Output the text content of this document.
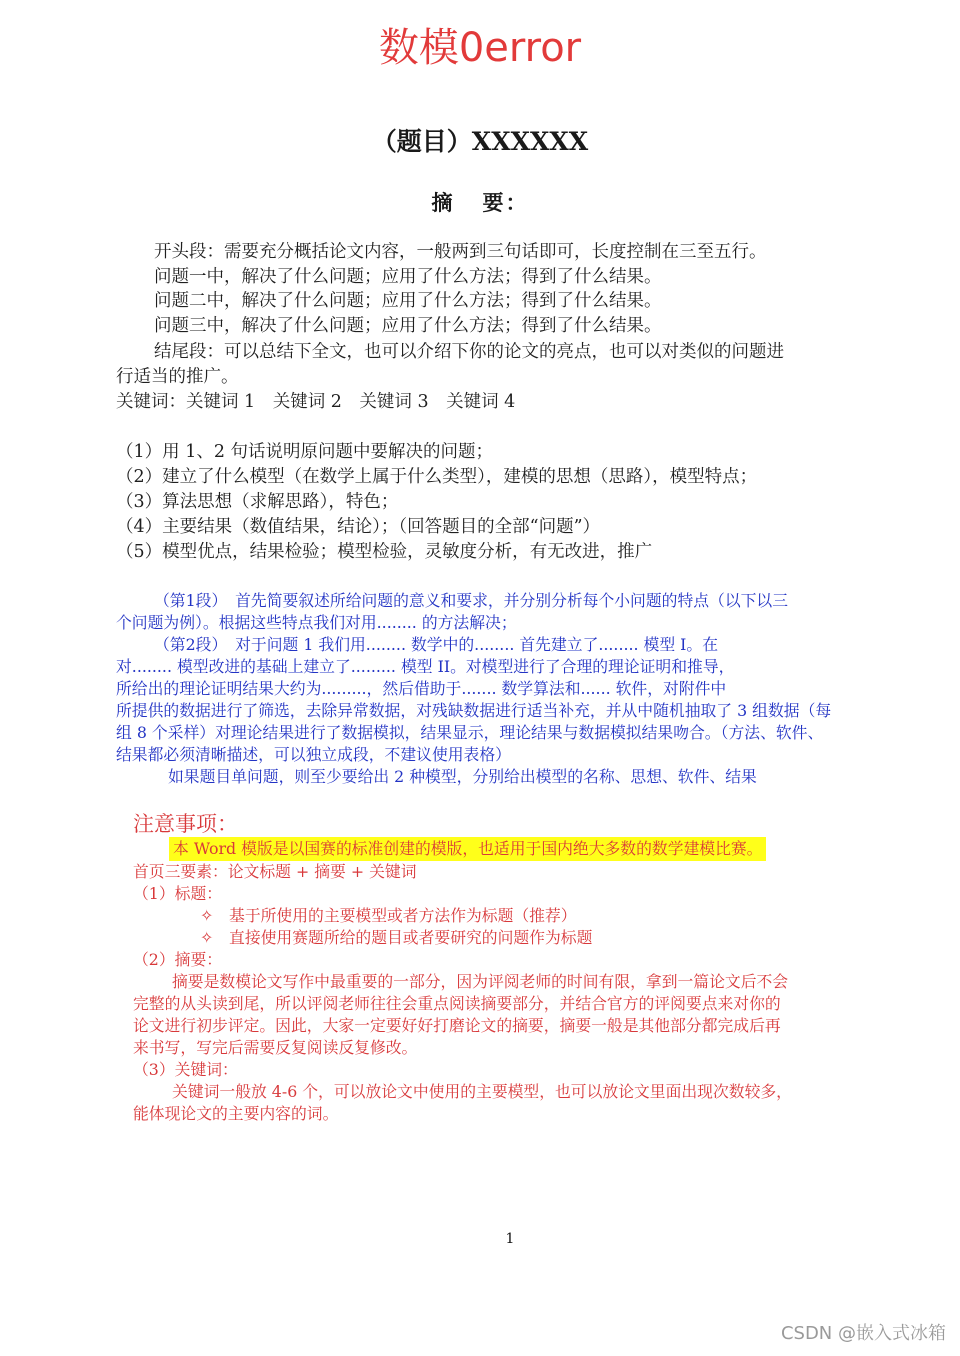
数模0error
（题目）XXXXXX
摘 要：
开头段：需要充分概括论文内容，一般两到三句话即可，长度控制在三至五行。
问题一中，解决了什么问题；应用了什么方法；得到了什么结果。
问题二中，解决了什么问题；应用了什么方法；得到了什么结果。
问题三中，解决了什么问题；应用了什么方法；得到了什么结果。
结尾段：可以总结下全文，也可以介绍下你的论文的亮点，也可以对类似的问题进
行适当的推广。
关键词：关键词 1　关键词 2　关键词 3　关键词 4
（1）用 1、2 句话说明原问题中要解决的问题；
（2）建立了什么模型（在数学上属于什么类型），建模的思想（思路），模型特点；
（3）算法思想（求解思路），特色；
（4）主要结果（数值结果，结论）；（回答题目的全部“问题”）
（5）模型优点，结果检验；模型检验，灵敏度分析，有无改进，推广
（第1段）　首先简要叙述所给问题的意义和要求，并分别分析每个小问题的特点（以下以三
个问题为例）。根据这些特点我们对用........ 的方法解决；
（第2段）　对于问题 1 我们用........ 数学中的........ 首先建立了........ 模型 I。在
对........ 模型改进的基础上建立了......... 模型 II。对模型进行了合理的理论证明和推导，
所给出的理论证明结果大约为.........，然后借助于....... 数学算法和...... 软件，对附件中
所提供的数据进行了筛选，去除异常数据，对残缺数据进行适当补充，并从中随机抽取了 3 组数据（每
组 8 个采样）对理论结果进行了数据模拟，结果显示，理论结果与数据模拟结果吻合。（方法、软件、
结果都必须清晰描述，可以独立成段，不建议使用表格）
如果题目单问题，则至少要给出 2 种模型，分别给出模型的名称、思想、软件、结果
注意事项：
本 Word 模版是以国赛的标准创建的模版，也适用于国内绝大多数的数学建模比赛。
首页三要素：论文标题 + 摘要 + 关键词
（1）标题：
✧　基于所使用的主要模型或者方法作为标题（推荐）
✧　直接使用赛题所给的题目或者要研究的问题作为标题
（2）摘要：
摘要是数模论文写作中最重要的一部分，因为评阅老师的时间有限，拿到一篇论文后不会
完整的从头读到尾，所以评阅老师往往会重点阅读摘要部分，并结合官方的评阅要点来对你的
论文进行初步评定。因此，大家一定要好好打磨论文的摘要，摘要一般是其他部分都完成后再
来书写，写完后需要反复阅读反复修改。
（3）关键词：
关键词一般放 4-6 个，可以放论文中使用的主要模型，也可以放论文里面出现次数较多，
能体现论文的主要内容的词。
1
CSDN @嵌入式冰箱
